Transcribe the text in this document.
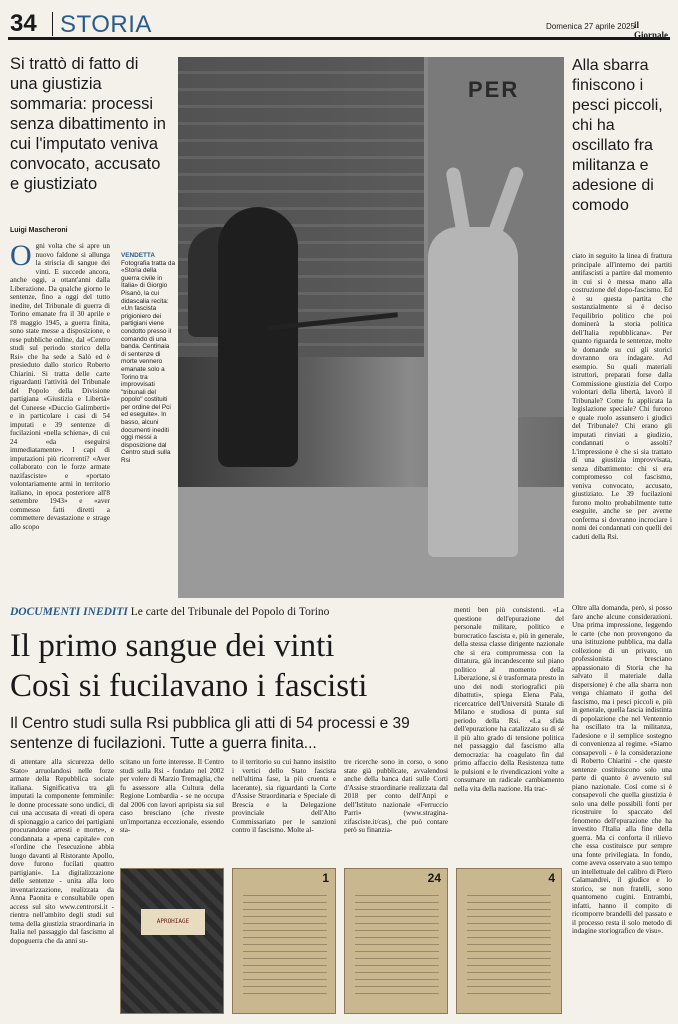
34 STORIA	Domenica 27 aprile 2025 il Giornale
Si trattò di fatto di una giustizia sommaria: processi senza dibattimento in cui l'imputato veniva convocato, accusato e giustiziato
Alla sbarra finiscono i pesci piccoli, chi ha oscillato fra militanza e adesione di comodo
Luigi Mascheroni
Ogni volta che si apre un nuovo faldone si allunga la striscia di sangue dei vinti. E succede ancora, anche oggi, a ottant'anni dalla Liberazione. Da qualche giorno le sentenze, fino a oggi del tutto inedite, del Tribunale di guerra di Torino emanate fra il 30 aprile e l'8 maggio 1945, a guerra finita, sono state messe a disposizione, e rese pubbliche online, dal «Centro studi sul periodo storico della Rsi» che ha sede a Salò ed è presieduto dallo storico Roberto Chiarini. Si tratta delle carte riguardanti l'attività del Tribunale del Popolo della Divisione partigiana «Giustizia e Libertà» del Cuneese «Duccio Galimberti» e in particolare i casi di 54 imputati e 39 sentenze di fucilazioni «nella schiena», di cui 24 «da eseguirsi immediatamente». I capi di imputazioni più ricorrenti? «Aver collaborato con le forze armate nazifasciste» e «portato volontariamente armi in territorio italiano, in epoca posteriore all'8 settembre 1943» e «aver commesso fatti diretti a commettere devastazione e strage allo scopo
PER
VENDETTA
Fotografia tratta da «Storia della guerra civile in Italia» di Giorgio Pisanò, la cui didascalia recita: «Un fascista prigioniero dei partigiani viene condotto presso il comando di una banda. Centinaia di sentenze di morte vennero emanate solo a Torino tra improvvisati "tribunali del popolo" costituiti per ordine del Pci ed eseguite». In basso, alcuni documenti inediti oggi messi a disposizione dal Centro studi sulla Rsi
ciato in seguito la linea di frattura principale all'interno dei partiti antifascisti a partire dal momento in cui si è messa mano alla costruzione del dopo-fascismo. Ed è su questa partita che sostanzialmente si è deciso l'equilibrio politico che poi dominerà la storia politica dell'Italia repubblicana». Per quanto riguarda le sentenze, molte le domande su cui gli storici dovranno ora indagare. Ad esempio. Su quali materiali istruttori, preparati forse dalla Commissione giustizia del Corpo volontari della libertà, lavorò il Tribunale? Come fu applicata la legislazione speciale? Chi furono e quale ruolo assunsero i giudici del Tribunale? Chi erano gli imputati rinviati a giudizio, condannati o assolti? L'impressione è che si sia trattato di una giustizia improvvisata, senza dibattimento: chi si era compromesso col fascismo, veniva convocato, accusato, giustiziato. Le 39 fucilazioni furono molto probabilmente tutte eseguite, anche se per averne conferma si dovranno incrociare i nomi dei condannati con quelli dei caduti della Rsi.
DOCUMENTI INEDITI Le carte del Tribunale del Popolo di Torino
Il primo sangue dei vinti
Così si fucilavano i fascisti
Il Centro studi sulla Rsi pubblica gli atti di 54 processi e 39 sentenze di fucilazioni. Tutte a guerra finita...
menti ben più consistenti. «La questione dell'epurazione del personale militare, politico e burocratico fascista e, più in generale, della stessa classe dirigente nazionale che si era compromessa con la dittatura, già incandescente sul piano politico al momento della Liberazione, si è trasformata presto in uno dei nodi storiografici più dibattuti», spiega Elena Pala, ricercatrice dell'Università Statale di Milano e studiosa di punta sul periodo della Rsi. «La sfida dell'epurazione ha catalizzato su di sé il più alto grado di tensione politica nel passaggio dal fascismo alla democrazia: ha coagulato fin dal primo affaccio della Resistenza tutte le pulsioni e le rivendicazioni volte a consumare un radicale cambiamento nella vita della nazione. Ha trac-
Oltre alla domanda, però, si posso fare anche alcune considerazioni. Una prima impressione, leggendo le carte (che non provengono da una istituzione pubblica, ma dalla collezione di un privato, un professionista bresciano appassionato di Storia che ha salvato il materiale dalla dispersione) è che alla sbarra non venga chiamato il gotha del fascismo, ma i pesci piccoli e, più in generale, quella fascia indistinta di popolazione che nel Ventennio ha oscillato tra la militanza, l'adesione e il semplice sostegno di convenienza al regime. «Siamo consapevoli - è la considerazione di Roberto Chiarini - che queste sentenze costituiscono solo una parte di quanto è avvenuto sul piano nazionale. Così come si è consapevoli che quella giustizia è solo una delle possibili fonti per ricostruire lo spaccato del fenomeno dell'epurazione che ha investito l'Italia alla fine della guerra. Ma ci conforta il rilievo che essa costituisce pur sempre una fonte privilegiata. In fondo, come aveva osservato a suo tempo un intellettuale del calibro di Piero Calamandrei, il giudice e lo storico, se non fratelli, sono quantomeno cugini. Entrambi, infatti, hanno il compito di ricomporre brandelli del passato e il processo resta il solo metodo di indagine storiografico de visu».
di attentare alla sicurezza dello Stato» arruolandosi nelle forze armate della Repubblica sociale italiana. Significativa tra gli imputati la componente femminile: le donne processate sono undici, di cui una accusata di «reati di opera di spionaggio a carico dei partigiani procurandone arresti e morte», e condannata a «pena capitale» con «l'ordine che l'esecuzione abbia luogo davanti al Ristorante Apollo, dove furono fucilati quattro partigiani». La digitalizzazione delle sentenze - unita alla loro inventarizzazione, realizzata da Anna Paonita e consultabile open access sul sito www.centrorsi.it - rientra nell'ambito degli studi sul tema della giustizia straordinaria in Italia nel passaggio dal fascismo al dopoguerra che da anni su-
scitano un forte interesse. Il Centro studi sulla Rsi - fondato nel 2002 per volere di Marzio Tremaglia, che fu assessore alla Cultura della Regione Lombardia - se ne occupa dal 2006 con lavori apripista sia sul caso bresciano (che riveste un'importanza eccezionale, essendo sta-
to il territorio su cui hanno insistito i vertici dello Stato fascista nell'ultima fase, la più cruenta e lacerante), sia riguardanti la Corte d'Assise Straordinaria e Speciale di Brescia e la Delegazione provinciale dell'Alto Commissariato per le sanzioni contro il fascismo. Molte al-
tre ricerche sono in corso, o sono state già pubblicate, avvalendosi anche della banca dati sulle Corti d'Assise straordinarie realizzata dal 2018 per conto dell'Anpi e dell'Istituto nazionale «Ferruccio Parri» (www.stragina-zifasciste.it/cas), che può contare però su finanzia-
APROHIAGE
1	24	4
